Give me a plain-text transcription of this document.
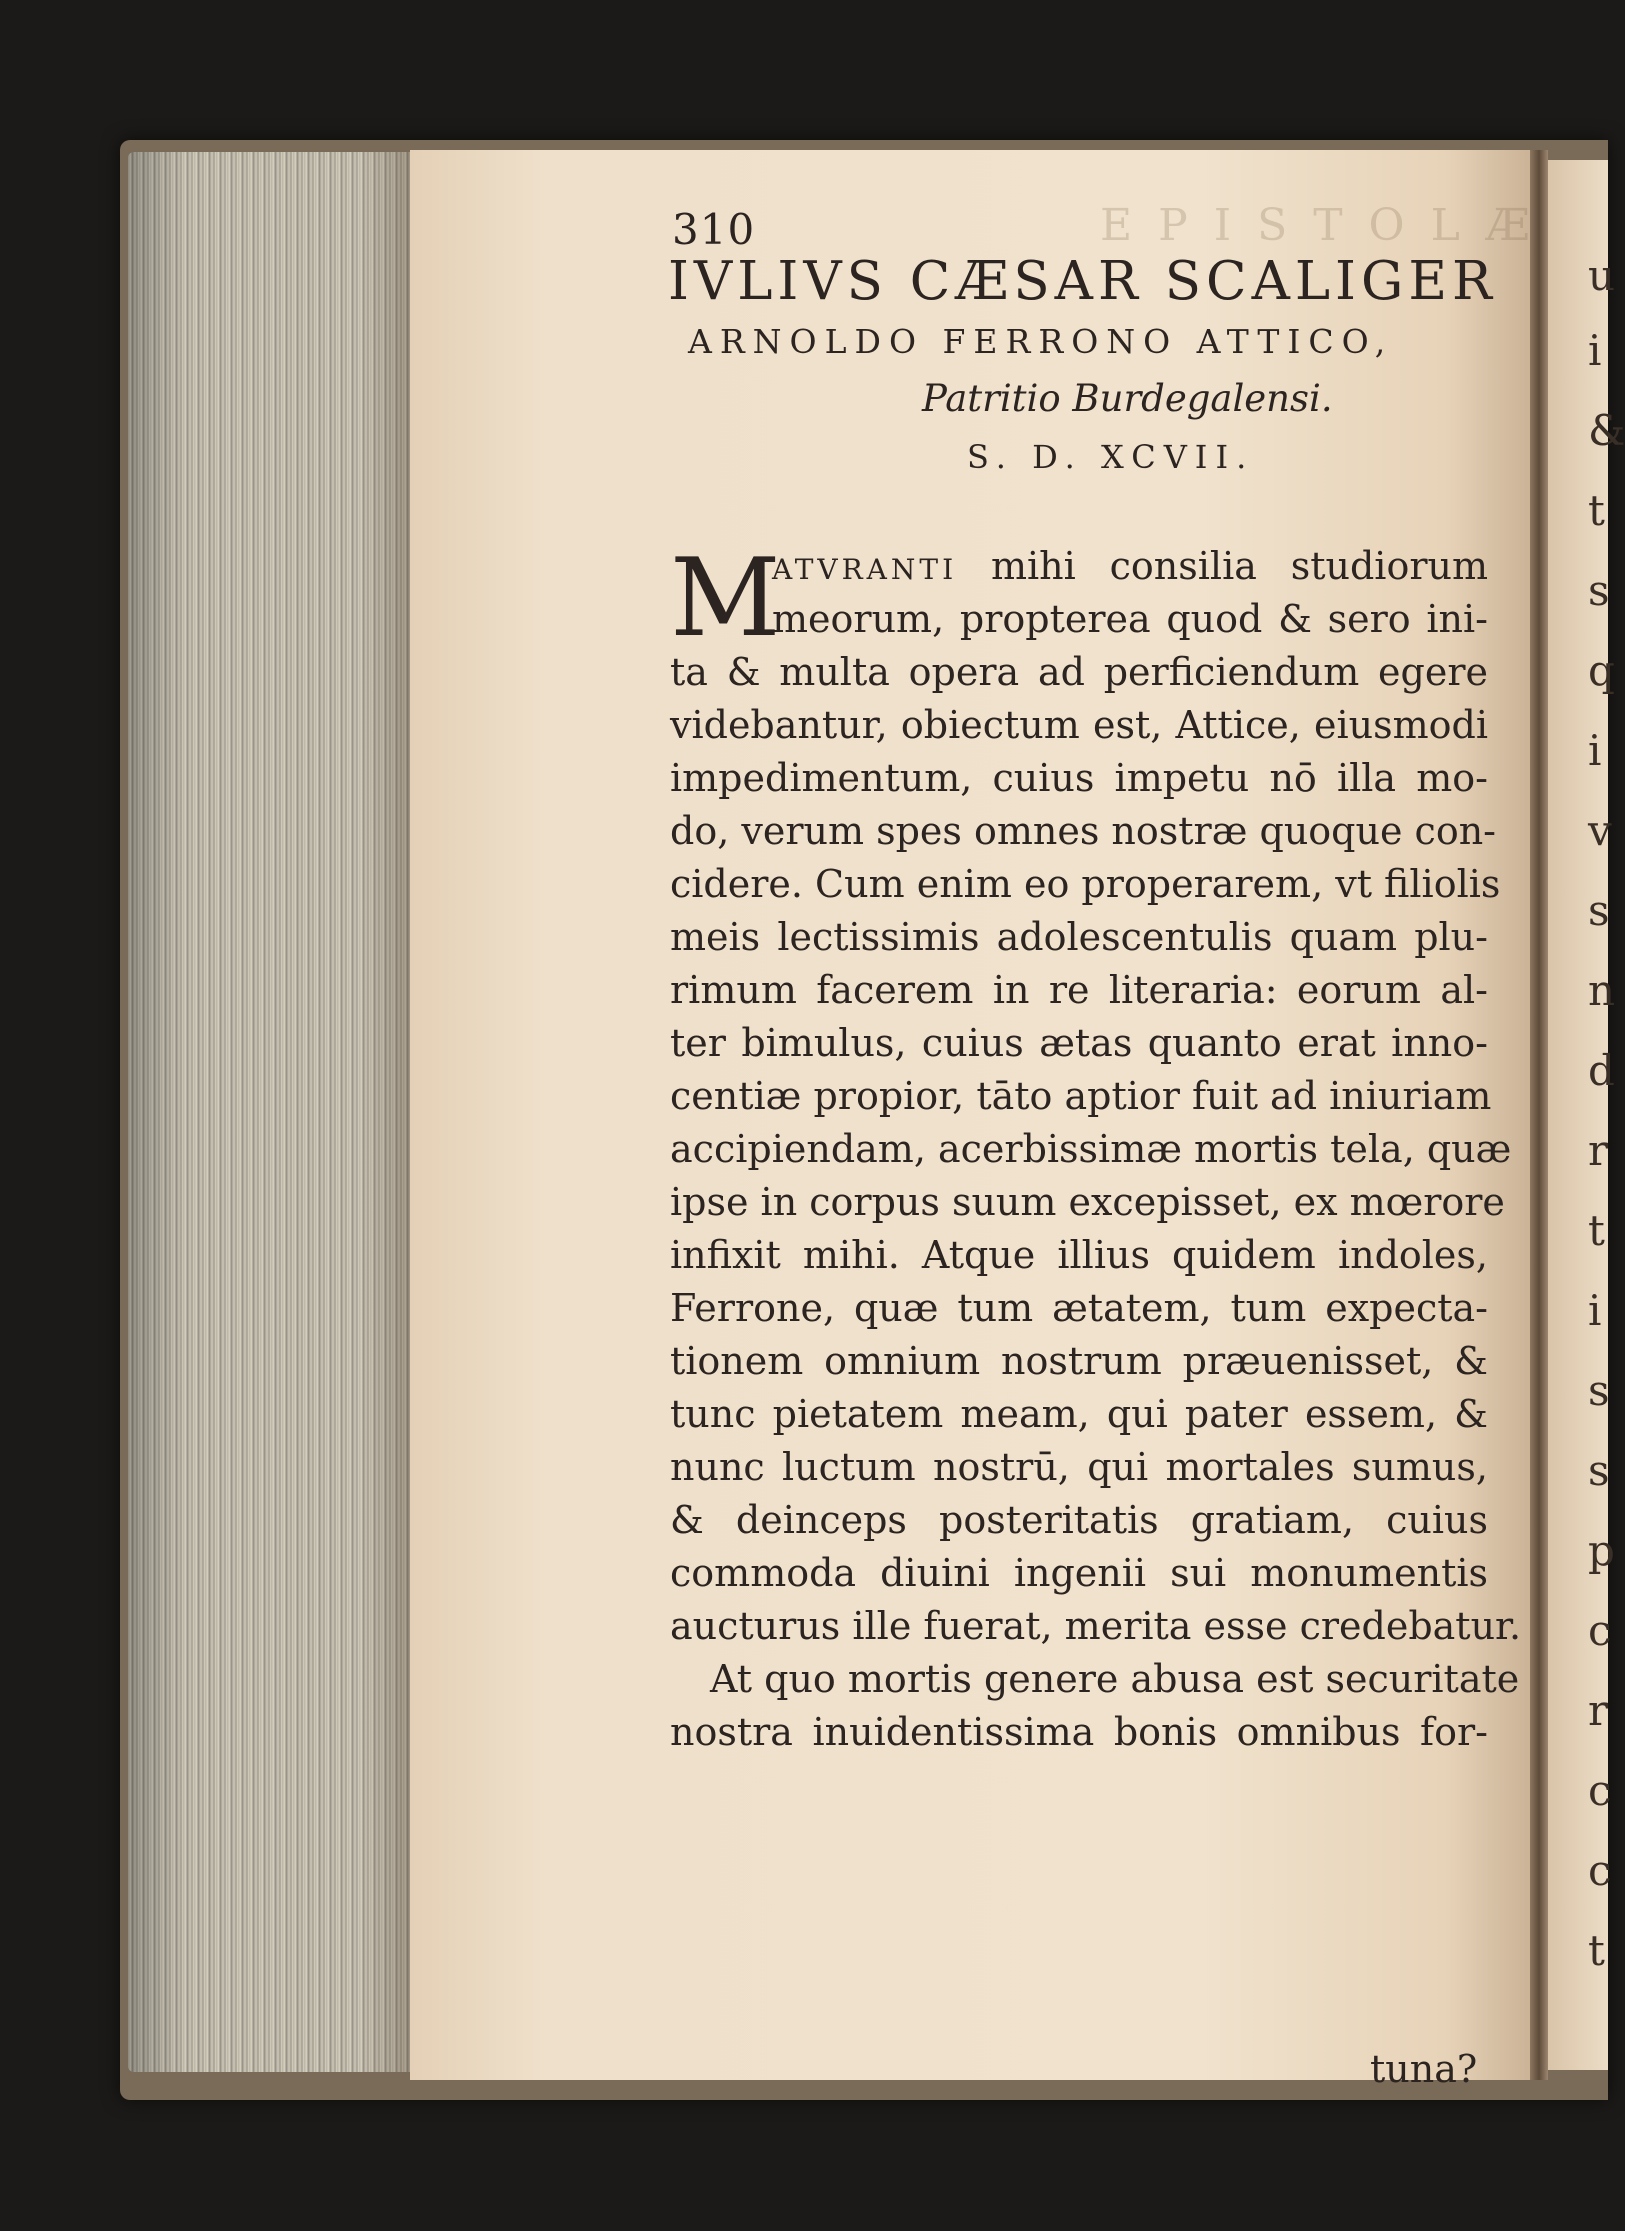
u
i
&
t
s
q
i
v
s
n
d
r
t
i
s
s
p
c
r
c
c
t
E P I S T O L Æ
310
IVLIVS CÆSAR SCALIGER
ARNOLDO FERRONO ATTICO,
Patritio Burdegalensi.
S. D. XCVII.
M
ATVRANTI mihi consilia studiorum
meorum, propterea quod & sero ini-
ta & multa opera ad perficiendum egere
videbantur, obiectum est, Attice, eiusmodi
impedimentum, cuius impetu nō illa mo-
do, verum spes omnes nostræ quoque con-
cidere. Cum enim eo properarem, vt filiolis
meis lectissimis adolescentulis quam plu-
rimum facerem in re literaria: eorum al-
ter bimulus, cuius ætas quanto erat inno-
centiæ propior, tāto aptior fuit ad iniuriam
accipiendam, acerbissimæ mortis tela, quæ
ipse in corpus suum excepisset, ex mœrore
infixit mihi. Atque illius quidem indoles,
Ferrone, quæ tum ætatem, tum expecta-
tionem omnium nostrum præuenisset, &
tunc pietatem meam, qui pater essem, &
nunc luctum nostrū, qui mortales sumus,
& deinceps posteritatis gratiam, cuius
commoda diuini ingenii sui monumentis
aucturus ille fuerat, merita esse credebatur.
At quo mortis genere abusa est securitate
nostra inuidentissima bonis omnibus for-
tuna?
